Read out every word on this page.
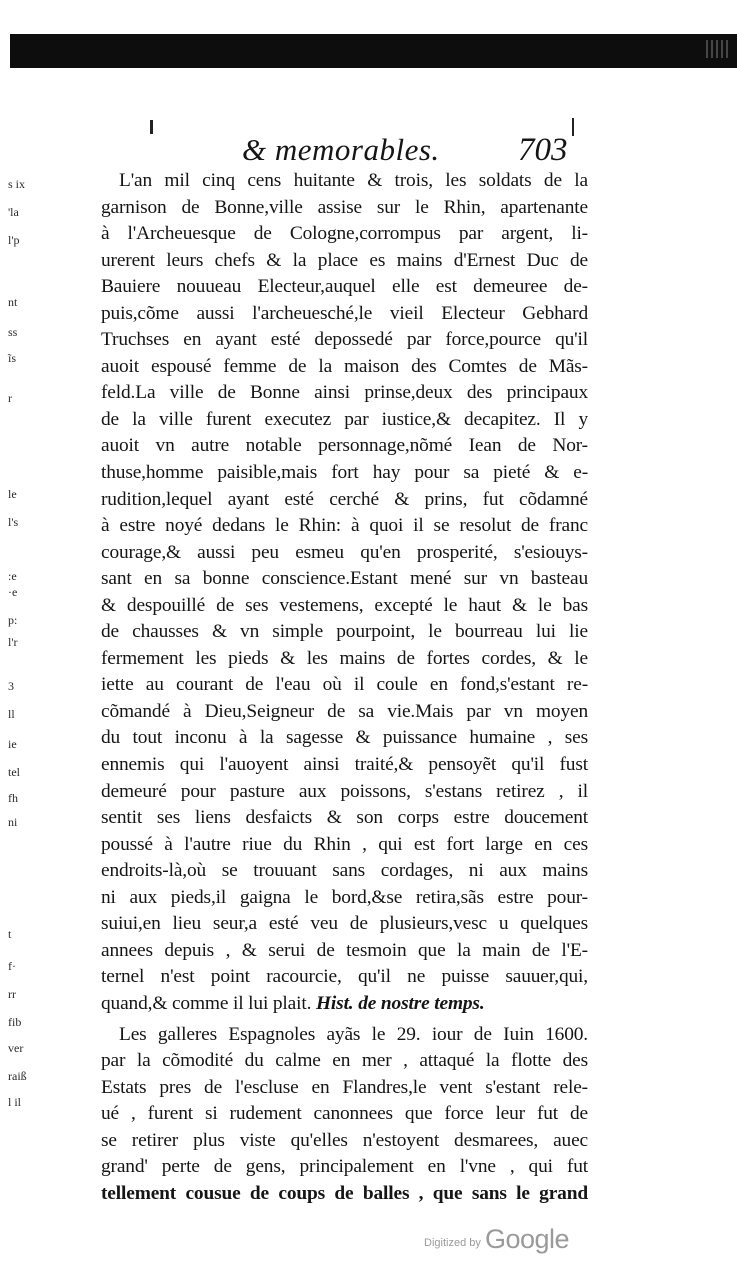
& memorables. 703
s ix
'la
l'p
nt
ss
ĩs
r
le
l's
:e
·e
p:
l'r
3
ll
ie
tel
fh
ni
t
f·
rr
fib
ver
raiß
l il
L'an mil cinq cens huitante & trois, les soldats de la
garnison de Bonne,ville assise sur le Rhin, apartenante
à l'Archeuesque de Cologne,corrompus par argent, li-
urerent leurs chefs & la place es mains d'Ernest Duc de
Bauiere nouueau Electeur,auquel elle est demeuree de-
puis,cõme aussi l'archeuesché,le vieil Electeur Gebhard
Truchses en ayant esté depossedé par force,pource qu'il
auoit espousé femme de la maison des Comtes de Mãs-
feld.La ville de Bonne ainsi prinse,deux des principaux
de la ville furent executez par iustice,& decapitez. Il y
auoit vn autre notable personnage,nõmé Iean de Nor-
thuse,homme paisible,mais fort hay pour sa pieté & e-
rudition,lequel ayant esté cerché & prins, fut cõdamné
à estre noyé dedans le Rhin: à quoi il se resolut de franc
courage,& aussi peu esmeu qu'en prosperité, s'esiouys-
sant en sa bonne conscience.Estant mené sur vn basteau
& despouillé de ses vestemens, excepté le haut & le bas
de chausses & vn simple pourpoint, le bourreau lui lie
fermement les pieds & les mains de fortes cordes, & le
iette au courant de l'eau où il coule en fond,s'estant re-
cõmandé à Dieu,Seigneur de sa vie.Mais par vn moyen
du tout inconu à la sagesse & puissance humaine , ses
ennemis qui l'auoyent ainsi traité,& pensoyẽt qu'il fust
demeuré pour pasture aux poissons, s'estans retirez , il
sentit ses liens desfaicts & son corps estre doucement
poussé à l'autre riue du Rhin , qui est fort large en ces
endroits-là,où se trouuant sans cordages, ni aux mains
ni aux pieds,il gaigna le bord,&se retira,sãs estre pour-
suiui,en lieu seur,a esté veu de plusieurs,vesc u quelques
annees depuis , & serui de tesmoin que la main de l'E-
ternel n'est point racourcie, qu'il ne puisse sauuer,qui,
quand,& comme il lui plait. Hist. de nostre temps.
Les galleres Espagnoles ayãs le 29. iour de Iuin 1600.
par la cõmodité du calme en mer , attaqué la flotte des
Estats pres de l'escluse en Flandres,le vent s'estant rele-
ué , furent si rudement canonnees que force leur fut de
se retirer plus viste qu'elles n'estoyent desmarees, auec
grand' perte de gens, principalement en l'vne , qui fut
tellement cousue de coups de balles , que sans le grand
Digitized by Google
